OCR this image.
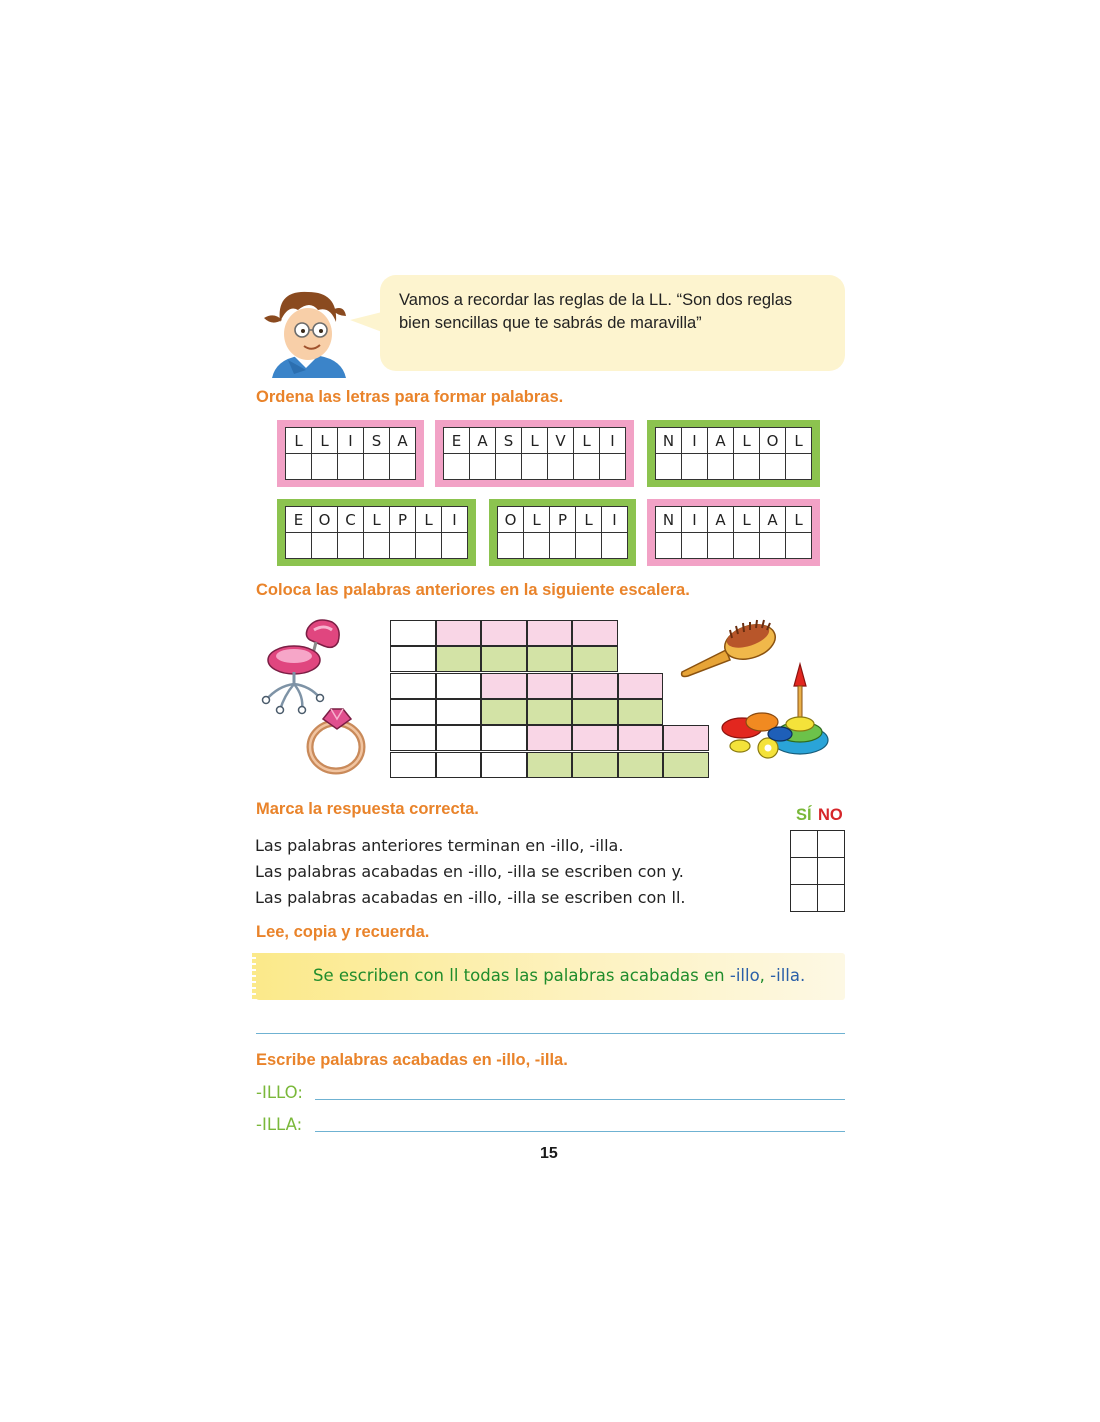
Vamos a recordar las reglas de la LL. “Son dos reglas
bien sencillas que te sabrás de maravilla”
Ordena las letras para formar palabras.
L	L	I	S	A	E	A	S	L	V	L	I	N	I	A	L	O	L
E	O C	L	P	L	I	O	L	P	L	I	N	I	A	L	A	L
Coloca las palabras anteriores en la siguiente escalera.
Marca la respuesta correcta.	SÍ NO
Las palabras anteriores terminan en -illo, -illa.
Las palabras acabadas en -illo, -illa se escriben con y.
Las palabras acabadas en -illo, -illa se escriben con ll.

Lee, copia y recuerda.
Se escriben con ll todas las palabras acabadas en -illo, -illa.
Escribe palabras acabadas en -illo, -illa.
-ILLO:
-ILLA:
15
